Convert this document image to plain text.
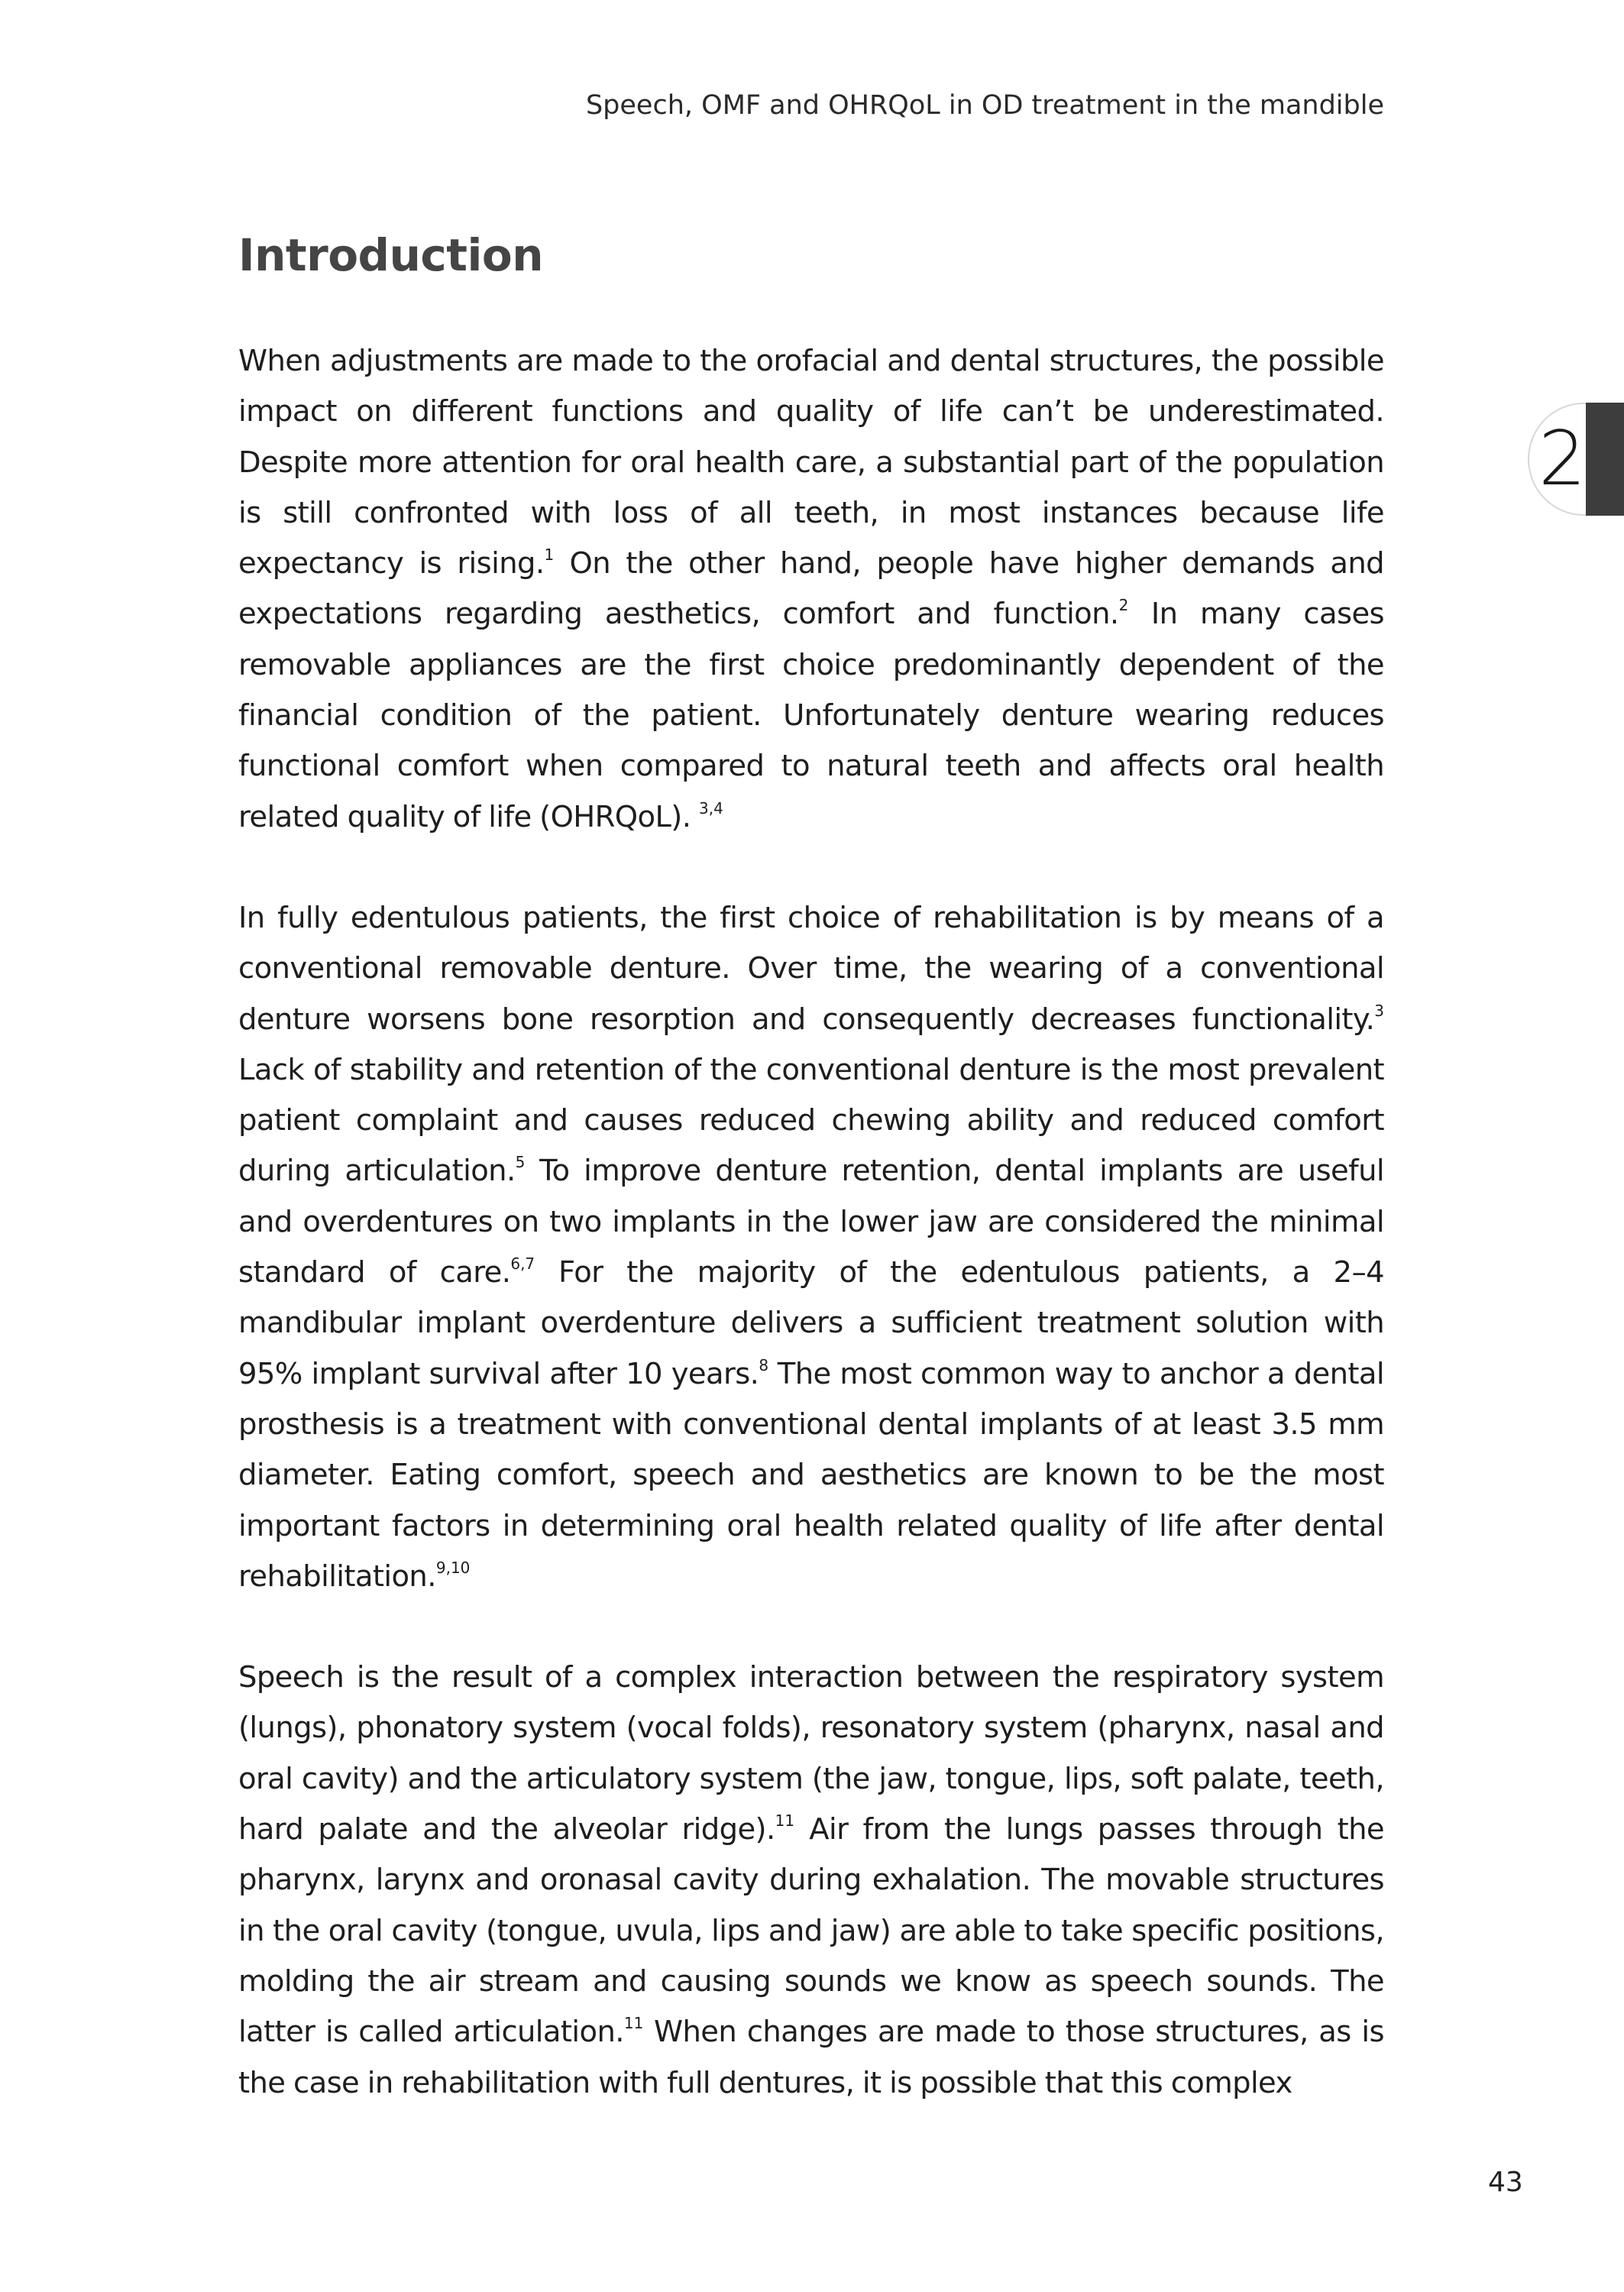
Speech, OMF and OHRQoL in OD treatment in the mandible
Introduction

When adjustments are made to the orofacial and dental structures, the possible impact on different functions and quality of life can’t be underestimated. Despite more attention for oral health care, a substantial part of the population is still confronted with loss of all teeth, in most instances because life expectancy is rising.$^1$ On the other hand, people have higher demands and expectations regarding aesthetics, comfort and function.$^2$ In many cases removable appliances are the first choice predominantly dependent of the financial condition of the patient. Unfortunately denture wearing reduces functional comfort when compared to natural teeth and affects oral health related quality of life (OHRQoL). $^{3,4}$

In fully edentulous patients, the first choice of rehabilitation is by means of a conventional removable denture. Over time, the wearing of a conventional denture worsens bone resorption and consequently decreases functionality.$^3$ Lack of stability and retention of the conventional denture is the most prevalent patient complaint and causes reduced chewing ability and reduced comfort during articulation.$^5$ To improve denture retention, dental implants are useful and overdentures on two implants in the lower jaw are considered the minimal standard of care.$^{6,7}$ For the majority of the edentulous patients, a 2–4 mandibular implant overdenture delivers a sufficient treatment solution with 95% implant survival after 10 years.$^8$ The most common way to anchor a dental prosthesis is a treatment with conventional dental implants of at least 3.5 mm diameter. Eating comfort, speech and aesthetics are known to be the most important factors in determining oral health related quality of life after dental rehabilitation.$^{9,10}$

Speech is the result of a complex interaction between the respiratory system (lungs), phonatory system (vocal folds), resonatory system (pharynx, nasal and oral cavity) and the articulatory system (the jaw, tongue, lips, soft palate, teeth, hard palate and the alveolar ridge).$^{11}$ Air from the lungs passes through the pharynx, larynx and oronasal cavity during exhalation. The movable structures in the oral cavity (tongue, uvula, lips and jaw) are able to take specific positions, molding the air stream and causing sounds we know as speech sounds. The latter is called articulation.$^{11}$ When changes are made to those structures, as is the case in rehabilitation with full dentures, it is possible that this complex

2
43
